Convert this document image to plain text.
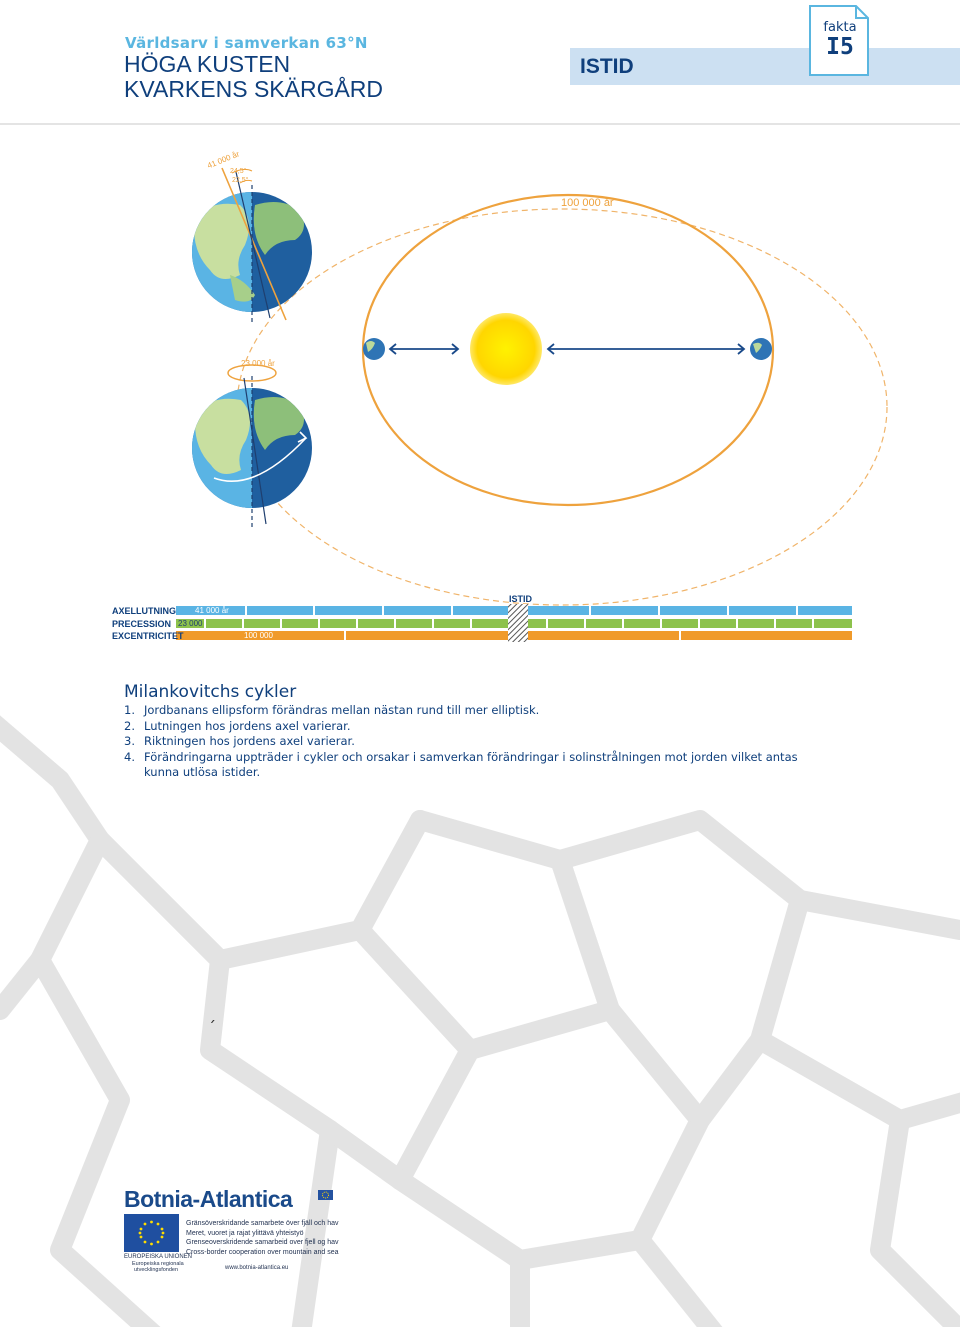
Världsarv i samverkan 63°N
HÖGA KUSTEN
KVARKENS SKÄRGÅRD
ISTID
fakta
I5
41 000 år
24,5°
22,5°
23 000 år
100 000 år
ISTID
AXELLUTNING
PRECESSION
EXCENTRICITET
41 000 år
23 000
100 000
Milankovitchs cykler
1. Jordbanans ellipsform förändras mellan nästan rund till mer elliptisk.
2. Lutningen hos jordens axel varierar.
3. Riktningen hos jordens axel varierar.
4. Förändringarna uppträder i cykler och orsakar i samverkan förändringar i solinstrålningen mot jorden vilket antas kunna utlösa istider.
´
Botnia-Atlantica
EUROPEISKA UNIONEN
Europeiska regionala
utvecklingsfonden
Gränsöverskridande samarbete över fjäll och hav
Meret, vuoret ja rajat ylittävä yhteistyö
Grenseoverskridende samarbeid over fjell og hav
Cross-border cooperation over mountain and sea
www.botnia-atlantica.eu
